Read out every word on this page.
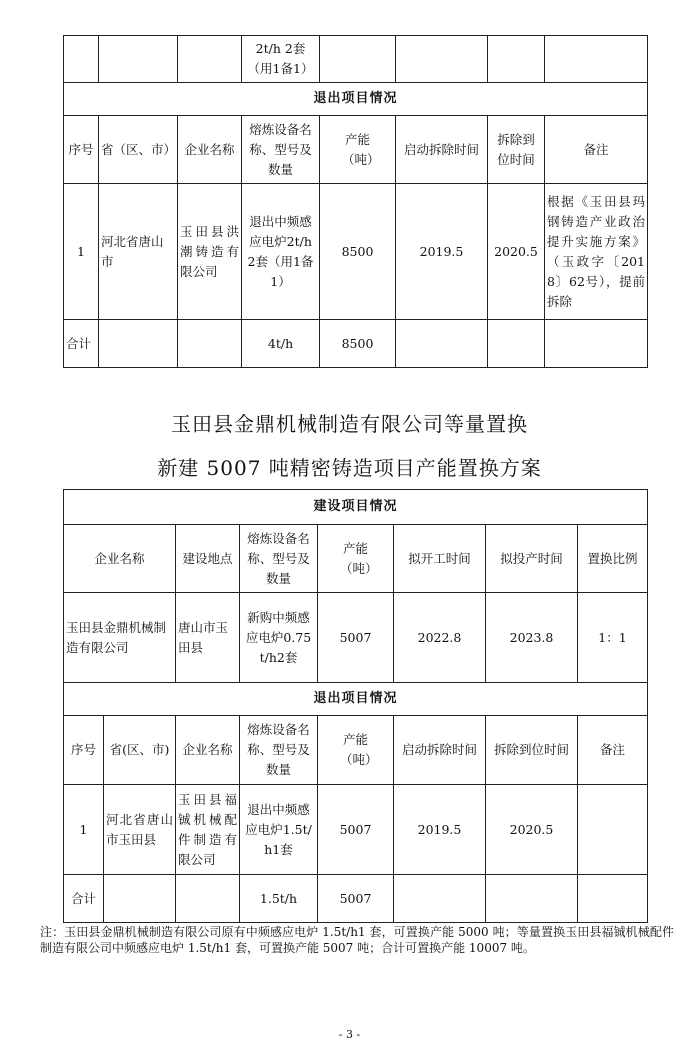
			2t/h 2套（用1备1）				
退出项目情况							
序号	省（区、市）	企业名称	熔炼设备名称、型号及数量	产能（吨）	启动拆除时间	拆除到位时间	备注
1	河北省唐山市	玉田县洪潮铸造有限公司	退出中频感应电炉2t/h 2套（用1备1）	8500	2019.5	2020.5	根据《玉田县玛钢铸造产业政治提升实施方案》（玉政字〔2018〕62号），提前拆除
合计			4t/h	8500			
玉田县金鼎机械制造有限公司等量置换
新建 5007 吨精密铸造项目产能置换方案
建设项目情况							
企业名称		建设地点	熔炼设备名称、型号及数量	产能（吨）	拟开工时间	拟投产时间	置换比例
玉田县金鼎机械制造有限公司		唐山市玉田县	新购中频感应电炉0.75t/h2套	5007	2022.8	2023.8	1：1
退出项目情况							
序号	省(区、市)	企业名称	熔炼设备名称、型号及数量	产能（吨）	启动拆除时间	拆除到位时间	备注
1	河北省唐山市玉田县	玉田县福铖机械配件制造有限公司	退出中频感应电炉1.5t/h1套	5007	2019.5	2020.5	
合计			1.5t/h	5007			
注：玉田县金鼎机械制造有限公司原有中频感应电炉 1.5t/h1 套，可置换产能 5000 吨；等量置换玉田县福铖机械配件制造有限公司中频感应电炉 1.5t/h1 套，可置换产能 5007 吨；合计可置换产能 10007 吨。
- 3 -
